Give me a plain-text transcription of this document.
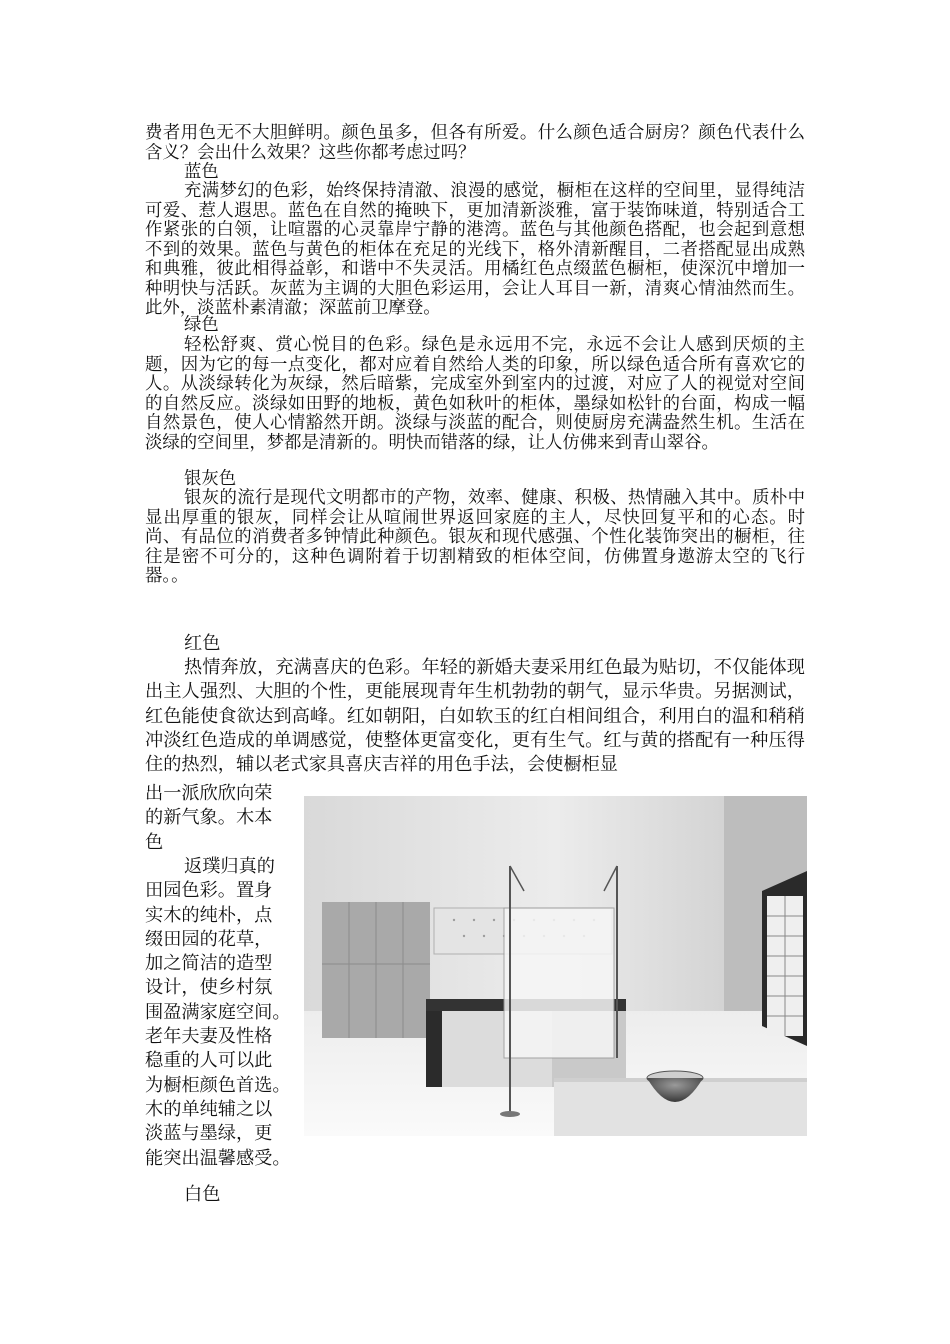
费者用色无不大胆鲜明。颜色虽多，但各有所爱。什么颜色适合厨房？颜色代表什么含义？会出什么效果？这些你都考虑过吗？

蓝色

充满梦幻的色彩，始终保持清澈、浪漫的感觉，橱柜在这样的空间里，显得纯洁可爱、惹人遐思。蓝色在自然的掩映下，更加清新淡雅，富于装饰味道，特别适合工作紧张的白领，让喧嚣的心灵靠岸宁静的港湾。蓝色与其他颜色搭配，也会起到意想不到的效果。蓝色与黄色的柜体在充足的光线下，格外清新醒目，二者搭配显出成熟和典雅，彼此相得益彰，和谐中不失灵活。用橘红色点缀蓝色橱柜，使深沉中增加一种明快与活跃。灰蓝为主调的大胆色彩运用，会让人耳目一新，清爽心情油然而生。此外，淡蓝朴素清澈；深蓝前卫摩登。

绿色

轻松舒爽、赏心悦目的色彩。绿色是永远用不完，永远不会让人感到厌烦的主题，因为它的每一点变化，都对应着自然给人类的印象，所以绿色适合所有喜欢它的人。从淡绿转化为灰绿，然后暗紫，完成室外到室内的过渡，对应了人的视觉对空间的自然反应。淡绿如田野的地板，黄色如秋叶的柜体，墨绿如松针的台面，构成一幅自然景色，使人心情豁然开朗。淡绿与淡蓝的配合，则使厨房充满盎然生机。生活在淡绿的空间里，梦都是清新的。明快而错落的绿，让人仿佛来到青山翠谷。

银灰色

银灰的流行是现代文明都市的产物，效率、健康、积极、热情融入其中。质朴中显出厚重的银灰，同样会让从喧闹世界返回家庭的主人，尽快回复平和的心态。时尚、有品位的消费者多钟情此种颜色。银灰和现代感强、个性化装饰突出的橱柜，往往是密不可分的，这种色调附着于切割精致的柜体空间，仿佛置身遨游太空的飞行器。。

红色

热情奔放，充满喜庆的色彩。年轻的新婚夫妻采用红色最为贴切，不仅能体现出主人强烈、大胆的个性，更能展现青年生机勃勃的朝气，显示华贵。另据测试，红色能使食欲达到高峰。红如朝阳，白如软玉的红白相间组合，利用白的温和稍稍冲淡红色造成的单调感觉，使整体更富变化，更有生气。红与黄的搭配有一种压得住的热烈，辅以老式家具喜庆吉祥的用色手法，会使橱柜显

出一派欣欣向荣
的新气象。木本
色
返璞归真的
田园色彩。置身
实木的纯朴，点
缀田园的花草，
加之简洁的造型
设计，使乡村氛
围盈满家庭空间。
老年夫妻及性格
稳重的人可以此
为橱柜颜色首选。
木的单纯辅之以
淡蓝与墨绿，更
能突出温馨感受。

白色
